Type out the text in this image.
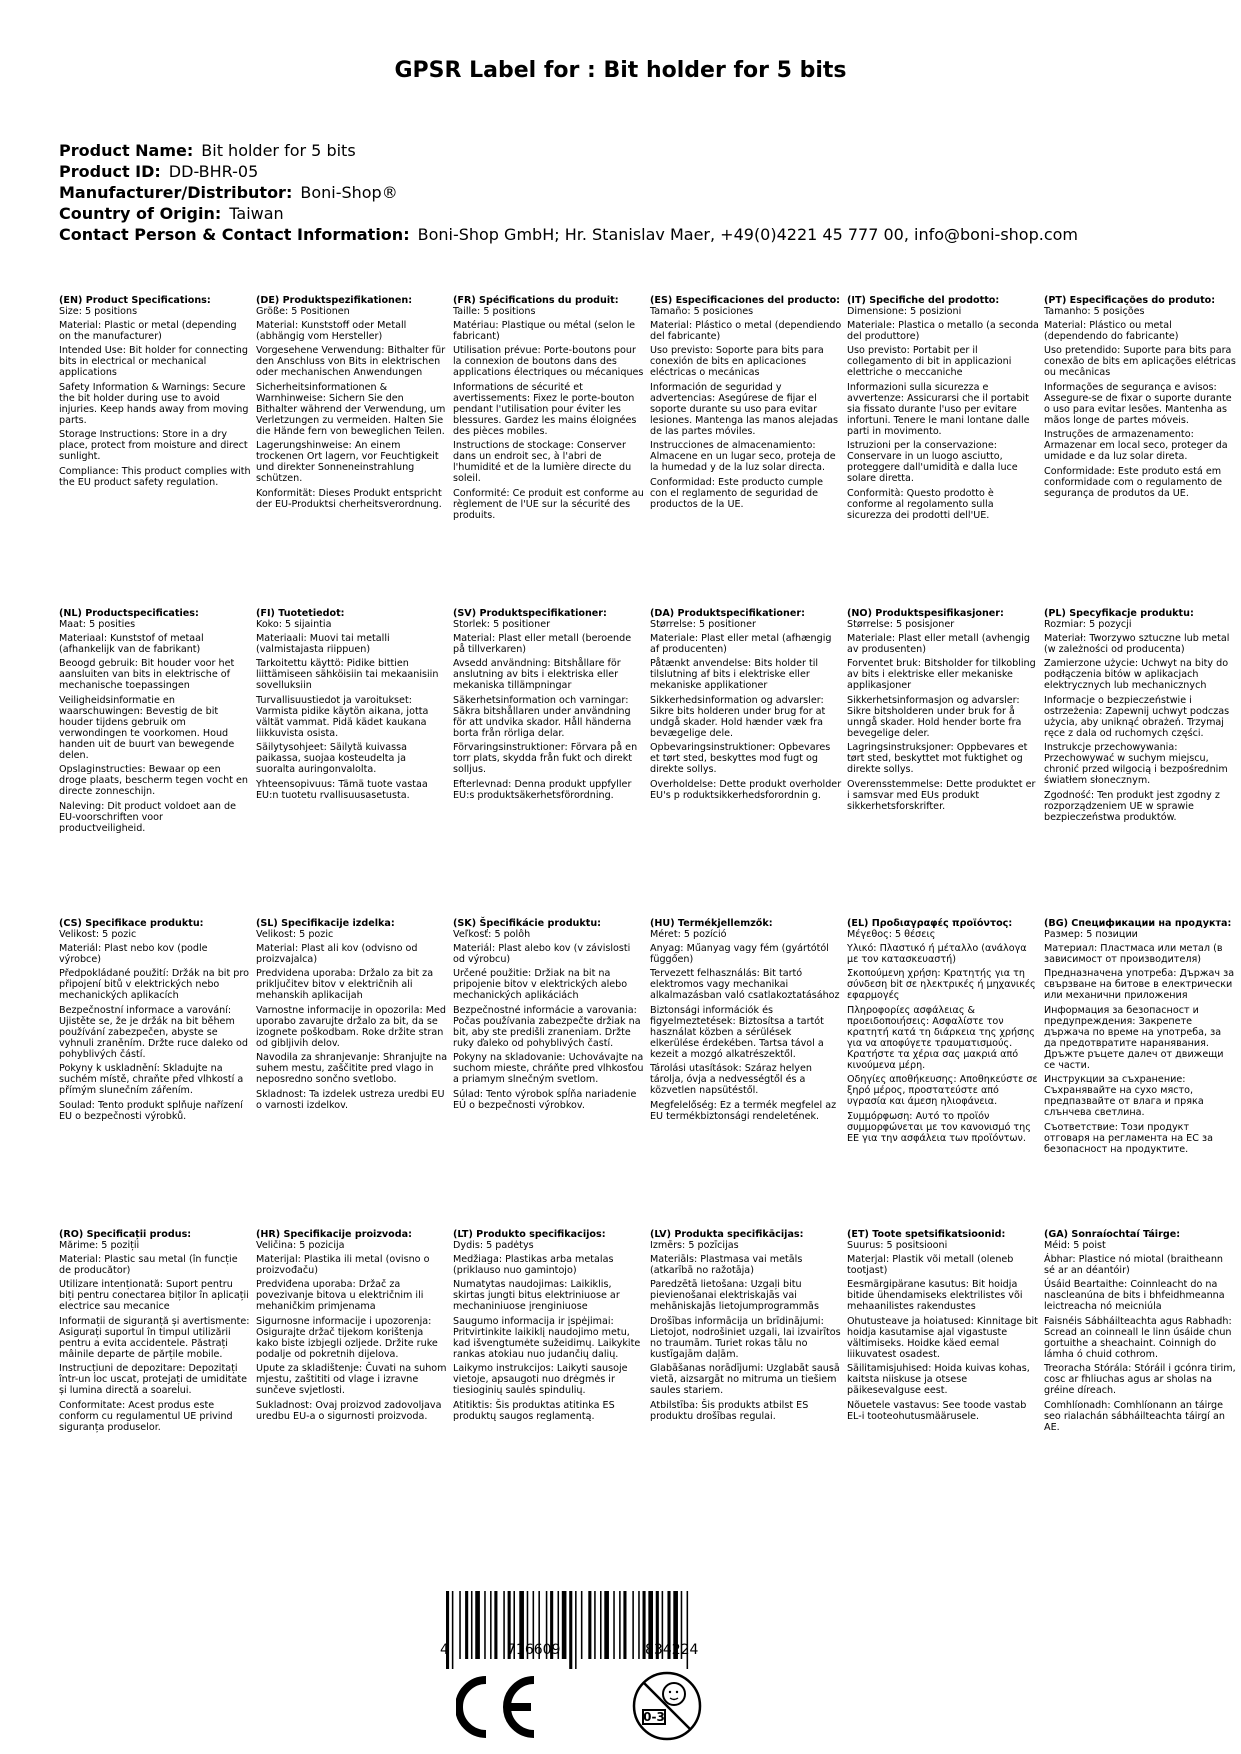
GPSR Label for : Bit holder for 5 bits
Product Name: Bit holder for 5 bits
Product ID: DD-BHR-05
Manufacturer/Distributor: Boni-Shop®
Country of Origin: Taiwan
Contact Person & Contact Information: Boni-Shop GmbH; Hr. Stanislav Maer, +49(0)4221 45 777 00, info@boni-shop.com
(EN) Product Specifications:
Size: 5 positions
Material: Plastic or metal (depending on the manufacturer)
Intended Use: Bit holder for connecting bits in electrical or mechanical applications
Safety Information & Warnings: Secure the bit holder during use to avoid injuries. Keep hands away from moving parts.
Storage Instructions: Store in a dry place, protect from moisture and direct sunlight.
Compliance: This product complies with the EU product safety regulation.
(DE) Produktspezifikationen:
Größe: 5 Positionen
Material: Kunststoff oder Metall (abhängig vom Hersteller)
Vorgesehene Verwendung: Bithalter für den Anschluss von Bits in elektrischen oder mechanischen Anwendungen
Sicherheitsinformationen & Warnhinweise: Sichern Sie den Bithalter während der Verwendung, um Verletzungen zu vermeiden. Halten Sie die Hände fern von beweglichen Teilen.
Lagerungshinweise: An einem trockenen Ort lagern, vor Feuchtigkeit und direkter Sonneneinstrahlung schützen.
Konformität: Dieses Produkt entspricht der EU-Produktsi cherheitsverordnung.
(FR) Spécifications du produit:
Taille: 5 positions
Matériau: Plastique ou métal (selon le fabricant)
Utilisation prévue: Porte-boutons pour la connexion de boutons dans des applications électriques ou mécaniques
Informations de sécurité et avertissements: Fixez le porte-bouton pendant l'utilisation pour éviter les blessures. Gardez les mains éloignées des pièces mobiles.
Instructions de stockage: Conserver dans un endroit sec, à l'abri de l'humidité et de la lumière directe du soleil.
Conformité: Ce produit est conforme au règlement de l'UE sur la sécurité des produits.
(ES) Especificaciones del producto:
Tamaño: 5 posiciones
Material: Plástico o metal (dependiendo del fabricante)
Uso previsto: Soporte para bits para conexión de bits en aplicaciones eléctricas o mecánicas
Información de seguridad y advertencias: Asegúrese de fijar el soporte durante su uso para evitar lesiones. Mantenga las manos alejadas de las partes móviles.
Instrucciones de almacenamiento: Almacene en un lugar seco, proteja de la humedad y de la luz solar directa.
Conformidad: Este producto cumple con el reglamento de seguridad de productos de la UE.
(IT) Specifiche del prodotto:
Dimensione: 5 posizioni
Materiale: Plastica o metallo (a seconda del produttore)
Uso previsto: Portabit per il collegamento di bit in applicazioni elettriche o meccaniche
Informazioni sulla sicurezza e avvertenze: Assicurarsi che il portabit sia fissato durante l'uso per evitare infortuni. Tenere le mani lontane dalle parti in movimento.
Istruzioni per la conservazione: Conservare in un luogo asciutto, proteggere dall'umidità e dalla luce solare diretta.
Conformità: Questo prodotto è conforme al regolamento sulla sicurezza dei prodotti dell'UE.
(PT) Especificações do produto:
Tamanho: 5 posições
Material: Plástico ou metal (dependendo do fabricante)
Uso pretendido: Suporte para bits para conexão de bits em aplicações elétricas ou mecânicas
Informações de segurança e avisos: Assegure-se de fixar o suporte durante o uso para evitar lesões. Mantenha as mãos longe de partes móveis.
Instruções de armazenamento: Armazenar em local seco, proteger da umidade e da luz solar direta.
Conformidade: Este produto está em conformidade com o regulamento de segurança de produtos da UE.
(NL) Productspecificaties:
Maat: 5 posities
Materiaal: Kunststof of metaal (afhankelijk van de fabrikant)
Beoogd gebruik: Bit houder voor het aansluiten van bits in elektrische of mechanische toepassingen
Veiligheidsinformatie en waarschuwingen: Bevestig de bit houder tijdens gebruik om verwondingen te voorkomen. Houd handen uit de buurt van bewegende delen.
Opslaginstructies: Bewaar op een droge plaats, bescherm tegen vocht en directe zonneschijn.
Naleving: Dit product voldoet aan de EU-voorschriften voor productveiligheid.
(FI) Tuotetiedot:
Koko: 5 sijaintia
Materiaali: Muovi tai metalli (valmistajasta riippuen)
Tarkoitettu käyttö: Pidike bittien liittämiseen sähköisiin tai mekaanisiin sovelluksiin
Turvallisuustiedot ja varoitukset: Varmista pidike käytön aikana, jotta vältät vammat. Pidä kädet kaukana liikkuvista osista.
Säilytysohjeet: Säilytä kuivassa paikassa, suojaa kosteudelta ja suoralta auringonvalolta.
Yhteensopivuus: Tämä tuote vastaa EU:n tuotetu rvallisuusasetusta.
(SV) Produktspecifikationer:
Storlek: 5 positioner
Material: Plast eller metall (beroende på tillverkaren)
Avsedd användning: Bitshållare för anslutning av bits i elektriska eller mekaniska tillämpningar
Säkerhetsinformation och varningar: Säkra bitshållaren under användning för att undvika skador. Håll händerna borta från rörliga delar.
Förvaringsinstruktioner: Förvara på en torr plats, skydda från fukt och direkt solljus.
Efterlevnad: Denna produkt uppfyller EU:s produktsäkerhetsförordning.
(DA) Produktspecifikationer:
Størrelse: 5 positioner
Materiale: Plast eller metal (afhængig af producenten)
Påtænkt anvendelse: Bits holder til tilslutning af bits i elektriske eller mekaniske applikationer
Sikkerhedsinformation og advarsler: Sikre bits holderen under brug for at undgå skader. Hold hænder væk fra bevægelige dele.
Opbevaringsinstruktioner: Opbevares et tørt sted, beskyttes mod fugt og direkte sollys.
Overholdelse: Dette produkt overholder EU's p roduktsikkerhedsforordnin g.
(NO) Produktspesifikasjoner:
Størrelse: 5 posisjoner
Materiale: Plast eller metall (avhengig av produsenten)
Forventet bruk: Bitsholder for tilkobling av bits i elektriske eller mekaniske applikasjoner
Sikkerhetsinformasjon og advarsler: Sikre bitsholderen under bruk for å unngå skader. Hold hender borte fra bevegelige deler.
Lagringsinstruksjoner: Oppbevares et tørt sted, beskyttet mot fuktighet og direkte sollys.
Overensstemmelse: Dette produktet er i samsvar med EUs produkt sikkerhetsforskrifter.
(PL) Specyfikacje produktu:
Rozmiar: 5 pozycji
Materiał: Tworzywo sztuczne lub metal (w zależności od producenta)
Zamierzone użycie: Uchwyt na bity do podłączenia bitów w aplikacjach elektrycznych lub mechanicznych
Informacje o bezpieczeństwie i ostrzeżenia: Zapewnij uchwyt podczas użycia, aby uniknąć obrażeń. Trzymaj ręce z dala od ruchomych części.
Instrukcje przechowywania: Przechowywać w suchym miejscu, chronić przed wilgocią i bezpośrednim światłem słonecznym.
Zgodność: Ten produkt jest zgodny z rozporządzeniem UE w sprawie bezpieczeństwa produktów.
(CS) Specifikace produktu:
Velikost: 5 pozic
Materiál: Plast nebo kov (podle výrobce)
Předpokládané použití: Držák na bit pro připojení bitů v elektrických nebo mechanických aplikacích
Bezpečnostní informace a varování: Ujistěte se, že je držák na bit během používání zabezpečen, abyste se vyhnuli zraněním. Držte ruce daleko od pohyblivých částí.
Pokyny k uskladnění: Skladujte na suchém místě, chraňte před vlhkostí a přímým slunečním zářením.
Soulad: Tento produkt splňuje nařízení EU o bezpečnosti výrobků.
(SL) Specifikacije izdelka:
Velikost: 5 pozic
Material: Plast ali kov (odvisno od proizvajalca)
Predvidena uporaba: Držalo za bit za priključitev bitov v električnih ali mehanskih aplikacijah
Varnostne informacije in opozorila: Med uporabo zavarujte držalo za bit, da se izognete poškodbam. Roke držite stran od gibljivih delov.
Navodila za shranjevanje: Shranjujte na suhem mestu, zaščitite pred vlago in neposredno sončno svetlobo.
Skladnost: Ta izdelek ustreza uredbi EU o varnosti izdelkov.
(SK) Špecifikácie produktu:
Veľkosť: 5 polôh
Materiál: Plast alebo kov (v závislosti od výrobcu)
Určené použitie: Držiak na bit na pripojenie bitov v elektrických alebo mechanických aplikáciách
Bezpečnostné informácie a varovania: Počas používania zabezpečte držiak na bit, aby ste predišli zraneniam. Držte ruky ďaleko od pohyblivých častí.
Pokyny na skladovanie: Uchovávajte na suchom mieste, chráňte pred vlhkosťou a priamym slnečným svetlom.
Súlad: Tento výrobok spĺňa nariadenie EÚ o bezpečnosti výrobkov.
(HU) Termékjellemzők:
Méret: 5 pozíció
Anyag: Műanyag vagy fém (gyártótól függően)
Tervezett felhasználás: Bit tartó elektromos vagy mechanikai alkalmazásban való csatlakoztatásához
Biztonsági információk és figyelmeztetések: Biztosítsa a tartót használat közben a sérülések elkerülése érdekében. Tartsa távol a kezeit a mozgó alkatrészektől.
Tárolási utasítások: Száraz helyen tárolja, óvja a nedvességtől és a közvetlen napsütéstől.
Megfelelőség: Ez a termék megfelel az EU termékbiztonsági rendeletének.
(EL) Προδιαγραφές προϊόντος:
Μέγεθος: 5 θέσεις
Υλικό: Πλαστικό ή μέταλλο (ανάλογα με τον κατασκευαστή)
Σκοπούμενη χρήση: Κρατητής για τη σύνδεση bit σε ηλεκτρικές ή μηχανικές εφαρμογές
Πληροφορίες ασφάλειας & προειδοποιήσεις: Ασφαλίστε τον κρατητή κατά τη διάρκεια της χρήσης για να αποφύγετε τραυματισμούς. Κρατήστε τα χέρια σας μακριά από κινούμενα μέρη.
Οδηγίες αποθήκευσης: Αποθηκεύστε σε ξηρό μέρος, προστατεύστε από υγρασία και άμεση ηλιοφάνεια.
Συμμόρφωση: Αυτό το προϊόν συμμορφώνεται με τον κανονισμό της ΕΕ για την ασφάλεια των προϊόντων.
(BG) Спецификации на продукта:
Размер: 5 позиции
Материал: Пластмаса или метал (в зависимост от производителя)
Предназначена употреба: Държач за свързване на битове в електрически или механични приложения
Информация за безопасност и предупреждения: Закрепете държача по време на употреба, за да предотвратите наранявания. Дръжте ръцете далеч от движещи се части.
Инструкции за съхранение: Съхранявайте на сухо място, предпазвайте от влага и пряка слънчева светлина.
Съответствие: Този продукт отговаря на регламента на ЕС за безопасност на продуктите.
(RO) Specificații produs:
Mărime: 5 poziții
Material: Plastic sau metal (în funcție de producător)
Utilizare intenționată: Suport pentru biți pentru conectarea biților în aplicații electrice sau mecanice
Informații de siguranță și avertismente: Asigurați suportul în timpul utilizării pentru a evita accidentele. Păstrați mâinile departe de părțile mobile.
Instrucțiuni de depozitare: Depozitați într-un loc uscat, protejați de umiditate și lumina directă a soarelui.
Conformitate: Acest produs este conform cu regulamentul UE privind siguranța produselor.
(HR) Specifikacije proizvoda:
Veličina: 5 pozicija
Materijal: Plastika ili metal (ovisno o proizvođaču)
Predviđena uporaba: Držač za povezivanje bitova u električnim ili mehaničkim primjenama
Sigurnosne informacije i upozorenja: Osigurajte držač tijekom korištenja kako biste izbjegli ozljede. Držite ruke podalje od pokretnih dijelova.
Upute za skladištenje: Čuvati na suhom mjestu, zaštititi od vlage i izravne sunčeve svjetlosti.
Sukladnost: Ovaj proizvod zadovoljava uredbu EU-a o sigurnosti proizvoda.
(LT) Produkto specifikacijos:
Dydis: 5 padėtys
Medžiaga: Plastikas arba metalas (priklauso nuo gamintojo)
Numatytas naudojimas: Laikiklis, skirtas jungti bitus elektriniuose ar mechaniniuose įrenginiuose
Saugumo informacija ir įspėjimai: Pritvirtinkite laikiklį naudojimo metu, kad išvengtumėte sužeidimų. Laikykite rankas atokiau nuo judančių dalių.
Laikymo instrukcijos: Laikyti sausoje vietoje, apsaugoti nuo drėgmės ir tiesioginių saulės spindulių.
Atitiktis: Šis produktas atitinka ES produktų saugos reglamentą.
(LV) Produkta specifikācijas:
Izmērs: 5 pozīcijas
Materiāls: Plastmasa vai metāls (atkarībā no ražotāja)
Paredzētā lietošana: Uzgaļi bitu pievienošanai elektriskajās vai mehāniskajās lietojumprogrammās
Drošības informācija un brīdinājumi: Lietojot, nodrošiniet uzgali, lai izvairītos no traumām. Turiet rokas tālu no kustīgajām daļām.
Glabāšanas norādījumi: Uzglabāt sausā vietā, aizsargāt no mitruma un tiešiem saules stariem.
Atbilstība: Šis produkts atbilst ES produktu drošības regulai.
(ET) Toote spetsifikatsioonid:
Suurus: 5 positsiooni
Materjal: Plastik või metall (oleneb tootjast)
Eesmärgipärane kasutus: Bit hoidja bitide ühendamiseks elektrilistes või mehaanilistes rakendustes
Ohutusteave ja hoiatused: Kinnitage bit hoidja kasutamise ajal vigastuste vältimiseks. Hoidke käed eemal liikuvatest osadest.
Säilitamisjuhised: Hoida kuivas kohas, kaitsta niiskuse ja otsese päikesevalguse eest.
Nõuetele vastavus: See toode vastab EL-i tooteohutusmäärusele.
(GA) Sonraíochtaí Táirge:
Méid: 5 poist
Ábhar: Plastice nó miotal (braitheann sé ar an déantóir)
Úsáid Beartaithe: Coinnleacht do na nascleanúna de bits i bhfeidhmeanna leictreacha nó meicniúla
Faisnéis Sábháilteachta agus Rabhadh: Scread an coinneall le linn úsáide chun gortuithe a sheachaint. Coinnigh do lámha ó chuid cothrom.
Treoracha Stórála: Stóráil i gcónra tirim, cosc ar fhliuchas agus ar sholas na gréine díreach.
Comhlíonadh: Comhlíonann an táirge seo rialachán sábháilteachta táirgí an AE.
4	716609	834224
0-3
